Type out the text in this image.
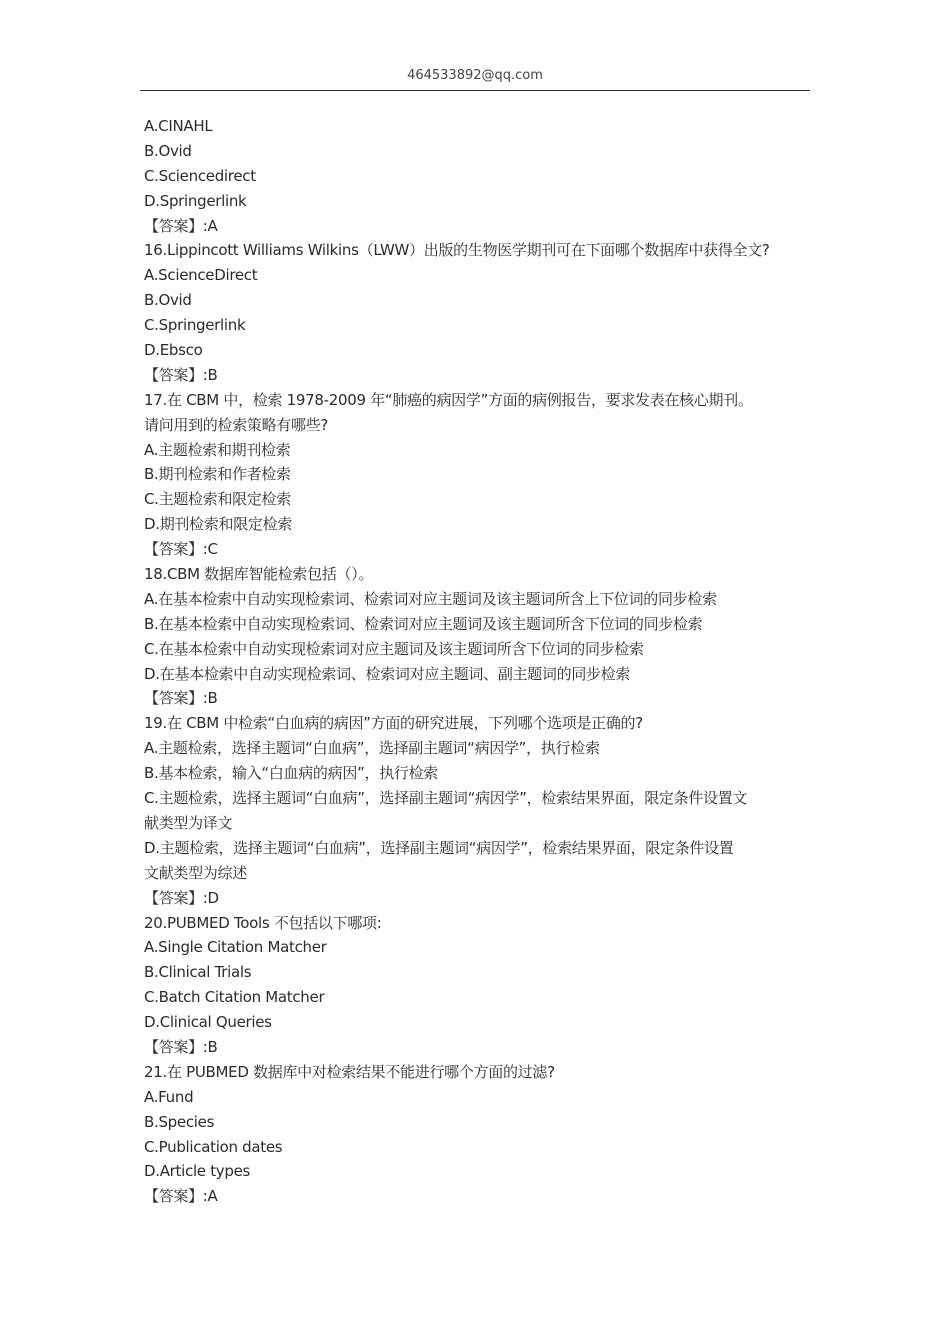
464533892@qq.com
A.CINAHL
B.Ovid
C.Sciencedirect
D.Springerlink
【答案】:A
16.Lippincott Williams Wilkins（LWW）出版的生物医学期刊可在下面哪个数据库中获得全文?
A.ScienceDirect
B.Ovid
C.Springerlink
D.Ebsco
【答案】:B
17.在 CBM 中，检索 1978-2009 年“肺癌的病因学”方面的病例报告，要求发表在核心期刊。
请问用到的检索策略有哪些?
A.主题检索和期刊检索
B.期刊检索和作者检索
C.主题检索和限定检索
D.期刊检索和限定检索
【答案】:C
18.CBM 数据库智能检索包括（）。
A.在基本检索中自动实现检索词、检索词对应主题词及该主题词所含上下位词的同步检索
B.在基本检索中自动实现检索词、检索词对应主题词及该主题词所含下位词的同步检索
C.在基本检索中自动实现检索词对应主题词及该主题词所含下位词的同步检索
D.在基本检索中自动实现检索词、检索词对应主题词、副主题词的同步检索
【答案】:B
19.在 CBM 中检索“白血病的病因”方面的研究进展，下列哪个选项是正确的?
A.主题检索，选择主题词“白血病”，选择副主题词“病因学”，执行检索
B.基本检索，输入“白血病的病因”，执行检索
C.主题检索，选择主题词“白血病”，选择副主题词“病因学”，检索结果界面，限定条件设置文
献类型为译文
D.主题检索，选择主题词“白血病”，选择副主题词“病因学”，检索结果界面，限定条件设置
文献类型为综述
【答案】:D
20.PUBMED Tools 不包括以下哪项:
A.Single Citation Matcher
B.Clinical Trials
C.Batch Citation Matcher
D.Clinical Queries
【答案】:B
21.在 PUBMED 数据库中对检索结果不能进行哪个方面的过滤?
A.Fund
B.Species
C.Publication dates
D.Article types
【答案】:A
